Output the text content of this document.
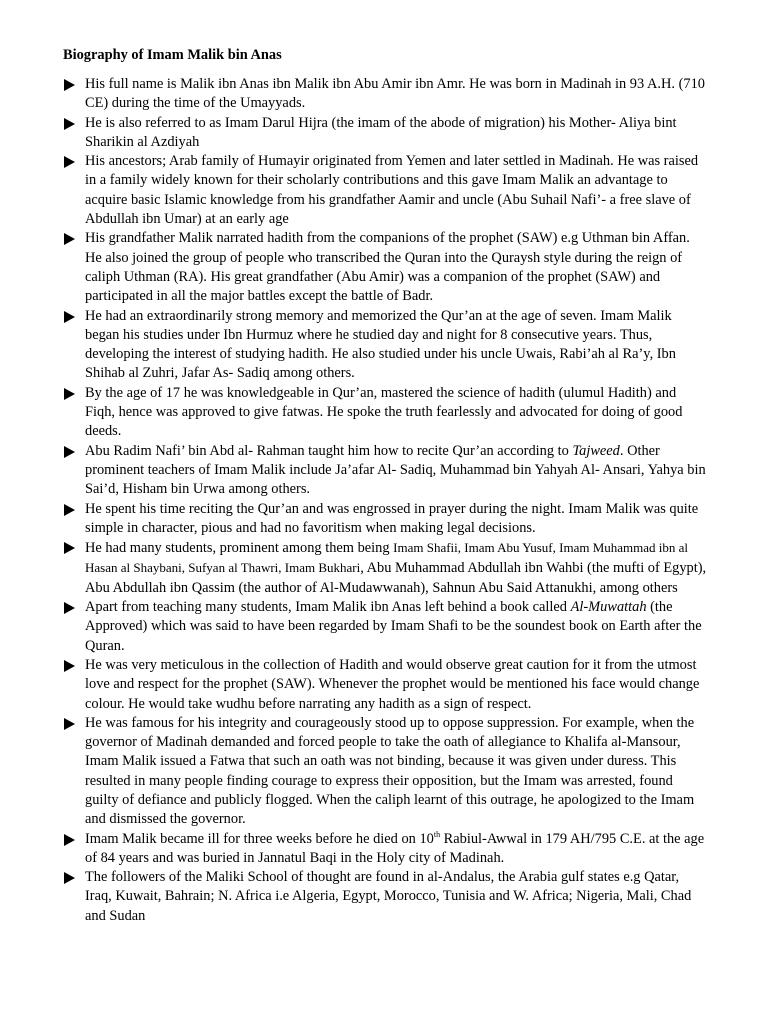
Biography of Imam Malik bin Anas
His full name is Malik ibn Anas ibn Malik ibn Abu Amir ibn Amr. He was born in Madinah in 93 A.H. (710 CE) during the time of the Umayyads.
He is also referred to as Imam Darul Hijra (the imam of the abode of migration) his Mother- Aliya bint Sharikin al Azdiyah
His ancestors; Arab family of Humayir originated from Yemen and later settled in Madinah. He was raised in a family widely known for their scholarly contributions and this gave Imam Malik an advantage to acquire basic Islamic knowledge from his grandfather Aamir and uncle (Abu Suhail Nafi’- a free slave of Abdullah ibn Umar) at an early age
His grandfather Malik narrated hadith from the companions of the prophet (SAW) e.g Uthman bin Affan. He also joined the group of people who transcribed the Quran into the Quraysh style during the reign of caliph Uthman (RA). His great grandfather (Abu Amir) was a companion of the prophet (SAW) and participated in all the major battles except the battle of Badr.
He had an extraordinarily strong memory and memorized the Qur’an at the age of seven. Imam Malik began his studies under Ibn Hurmuz where he studied day and night for 8 consecutive years. Thus, developing the interest of studying hadith. He also studied under his uncle Uwais, Rabi’ah al Ra’y, Ibn Shihab al Zuhri, Jafar As- Sadiq among others.
By the age of 17 he was knowledgeable in Qur’an, mastered the science of hadith (ulumul Hadith) and Fiqh, hence was approved to give fatwas. He spoke the truth fearlessly and advocated for doing of good deeds.
Abu Radim Nafi’ bin Abd al- Rahman taught him how to recite Qur’an according to Tajweed. Other prominent teachers of Imam Malik include Ja’afar Al- Sadiq, Muhammad bin Yahyah Al- Ansari, Yahya bin Sai’d, Hisham bin Urwa among others.
He spent his time reciting the Qur’an and was engrossed in prayer during the night. Imam Malik was quite simple in character, pious and had no favoritism when making legal decisions.
He had many students, prominent among them being Imam Shafii, Imam Abu Yusuf, Imam Muhammad ibn al Hasan al Shaybani, Sufyan al Thawri, Imam Bukhari, Abu Muhammad Abdullah ibn Wahbi (the mufti of Egypt), Abu Abdullah ibn Qassim (the author of Al-Mudawwanah), Sahnun Abu Said Attanukhi, among others
Apart from teaching many students, Imam Malik ibn Anas left behind a book called Al-Muwattah (the Approved) which was said to have been regarded by Imam Shafi to be the soundest book on Earth after the Quran.
He was very meticulous in the collection of Hadith and would observe great caution for it from the utmost love and respect for the prophet (SAW). Whenever the prophet would be mentioned his face would change colour. He would take wudhu before narrating any hadith as a sign of respect.
He was famous for his integrity and courageously stood up to oppose suppression. For example, when the governor of Madinah demanded and forced people to take the oath of allegiance to Khalifa al-Mansour, Imam Malik issued a Fatwa that such an oath was not binding, because it was given under duress. This resulted in many people finding courage to express their opposition, but the Imam was arrested, found guilty of defiance and publicly flogged. When the caliph learnt of this outrage, he apologized to the Imam and dismissed the governor.
Imam Malik became ill for three weeks before he died on 10th Rabiul-Awwal in 179 AH/795 C.E. at the age of 84 years and was buried in Jannatul Baqi in the Holy city of Madinah.
The followers of the Maliki School of thought are found in al-Andalus, the Arabia gulf states e.g Qatar, Iraq, Kuwait, Bahrain; N. Africa i.e Algeria, Egypt, Morocco, Tunisia and W. Africa; Nigeria, Mali, Chad and Sudan
